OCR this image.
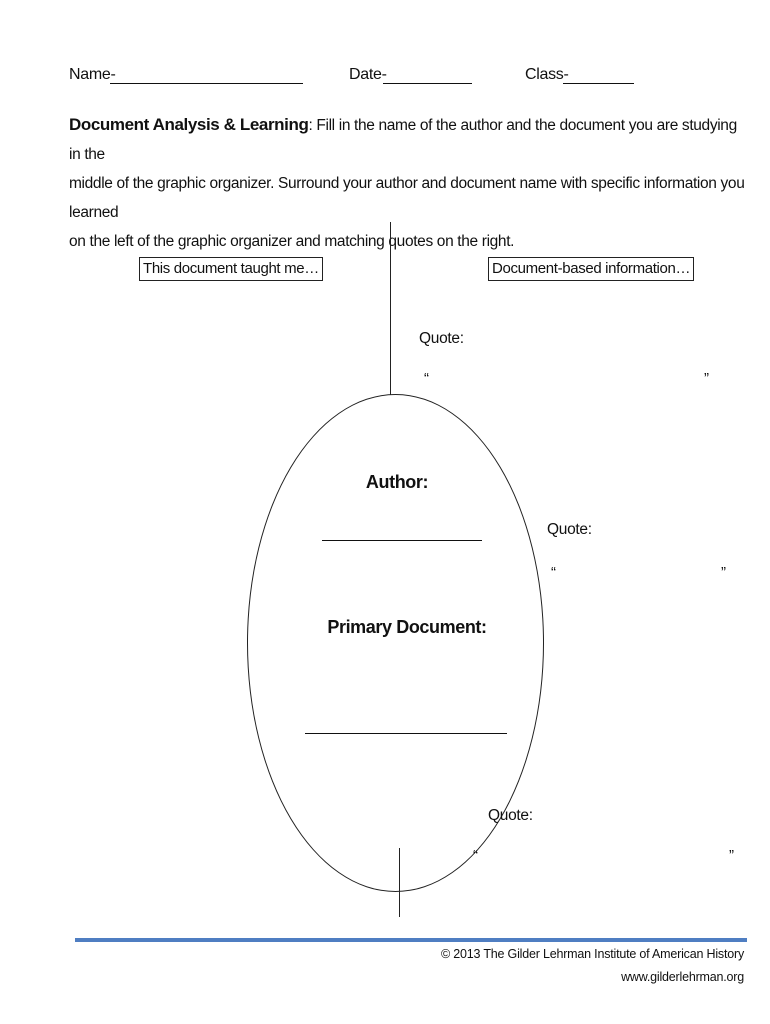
Name-	Date-	Class-
Document Analysis & Learning: Fill in the name of the author and the document you are studying in the
middle of the graphic organizer. Surround your author and document name with specific information you learned
on the left of the graphic organizer and matching quotes on the right.
This document taught me…	Document-based information…
Quote:
“	”
Author:
Primary Document:
Quote:
“	”
Quote:
“	”
© 2013 The Gilder Lehrman Institute of American History
www.gilderlehrman.org
